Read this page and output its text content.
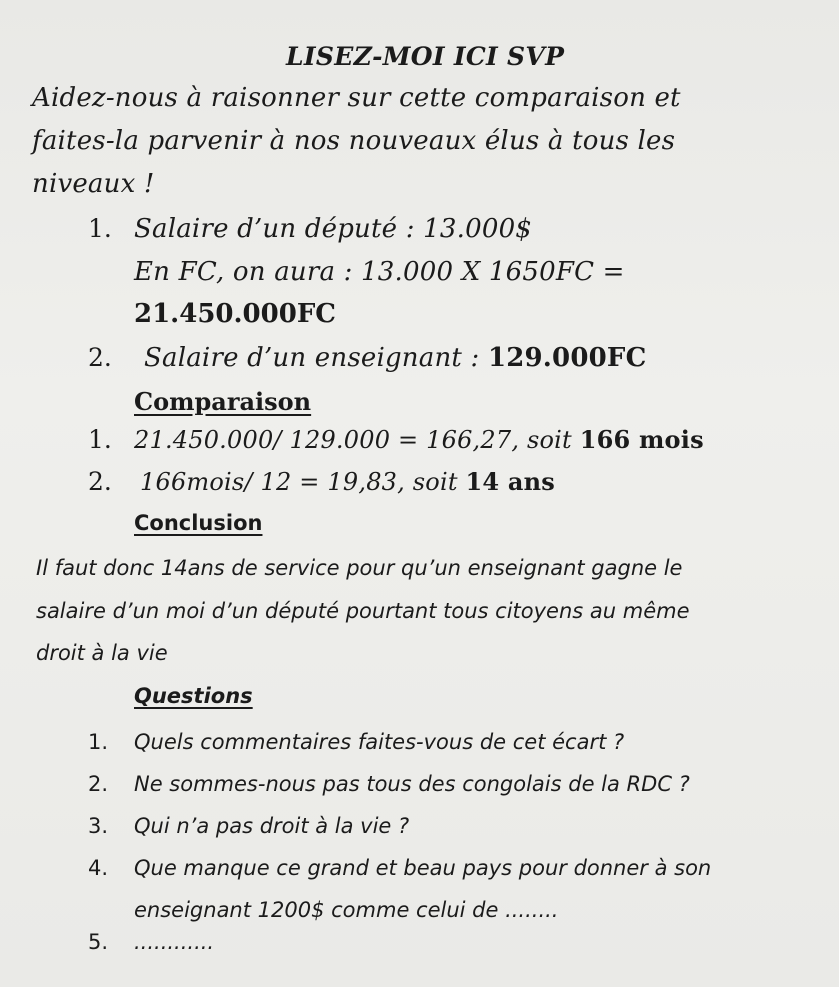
LISEZ-MOI ICI SVP
Aidez-nous à raisonner sur cette comparaison et
faites-la parvenir à nos nouveaux élus à tous les
niveaux !
1. Salaire d’un député : 13.000$
En FC, on aura : 13.000 X 1650FC =
21.450.000FC
2. Salaire d’un enseignant : 129.000FC
Comparaison
1. 21.450.000/ 129.000 = 166,27, soit 166 mois
2. 166mois/ 12 = 19,83, soit 14 ans
Conclusion
Il faut donc 14ans de service pour qu’un enseignant gagne le
salaire d’un moi d’un député pourtant tous citoyens au même
droit à la vie
Questions
1. Quels commentaires faites-vous de cet écart ?
2. Ne sommes-nous pas tous des congolais de la RDC ?
3. Qui n’a pas droit à la vie ?
4. Que manque ce grand et beau pays pour donner à son
enseignant 1200$ comme celui de ........
5. ............
